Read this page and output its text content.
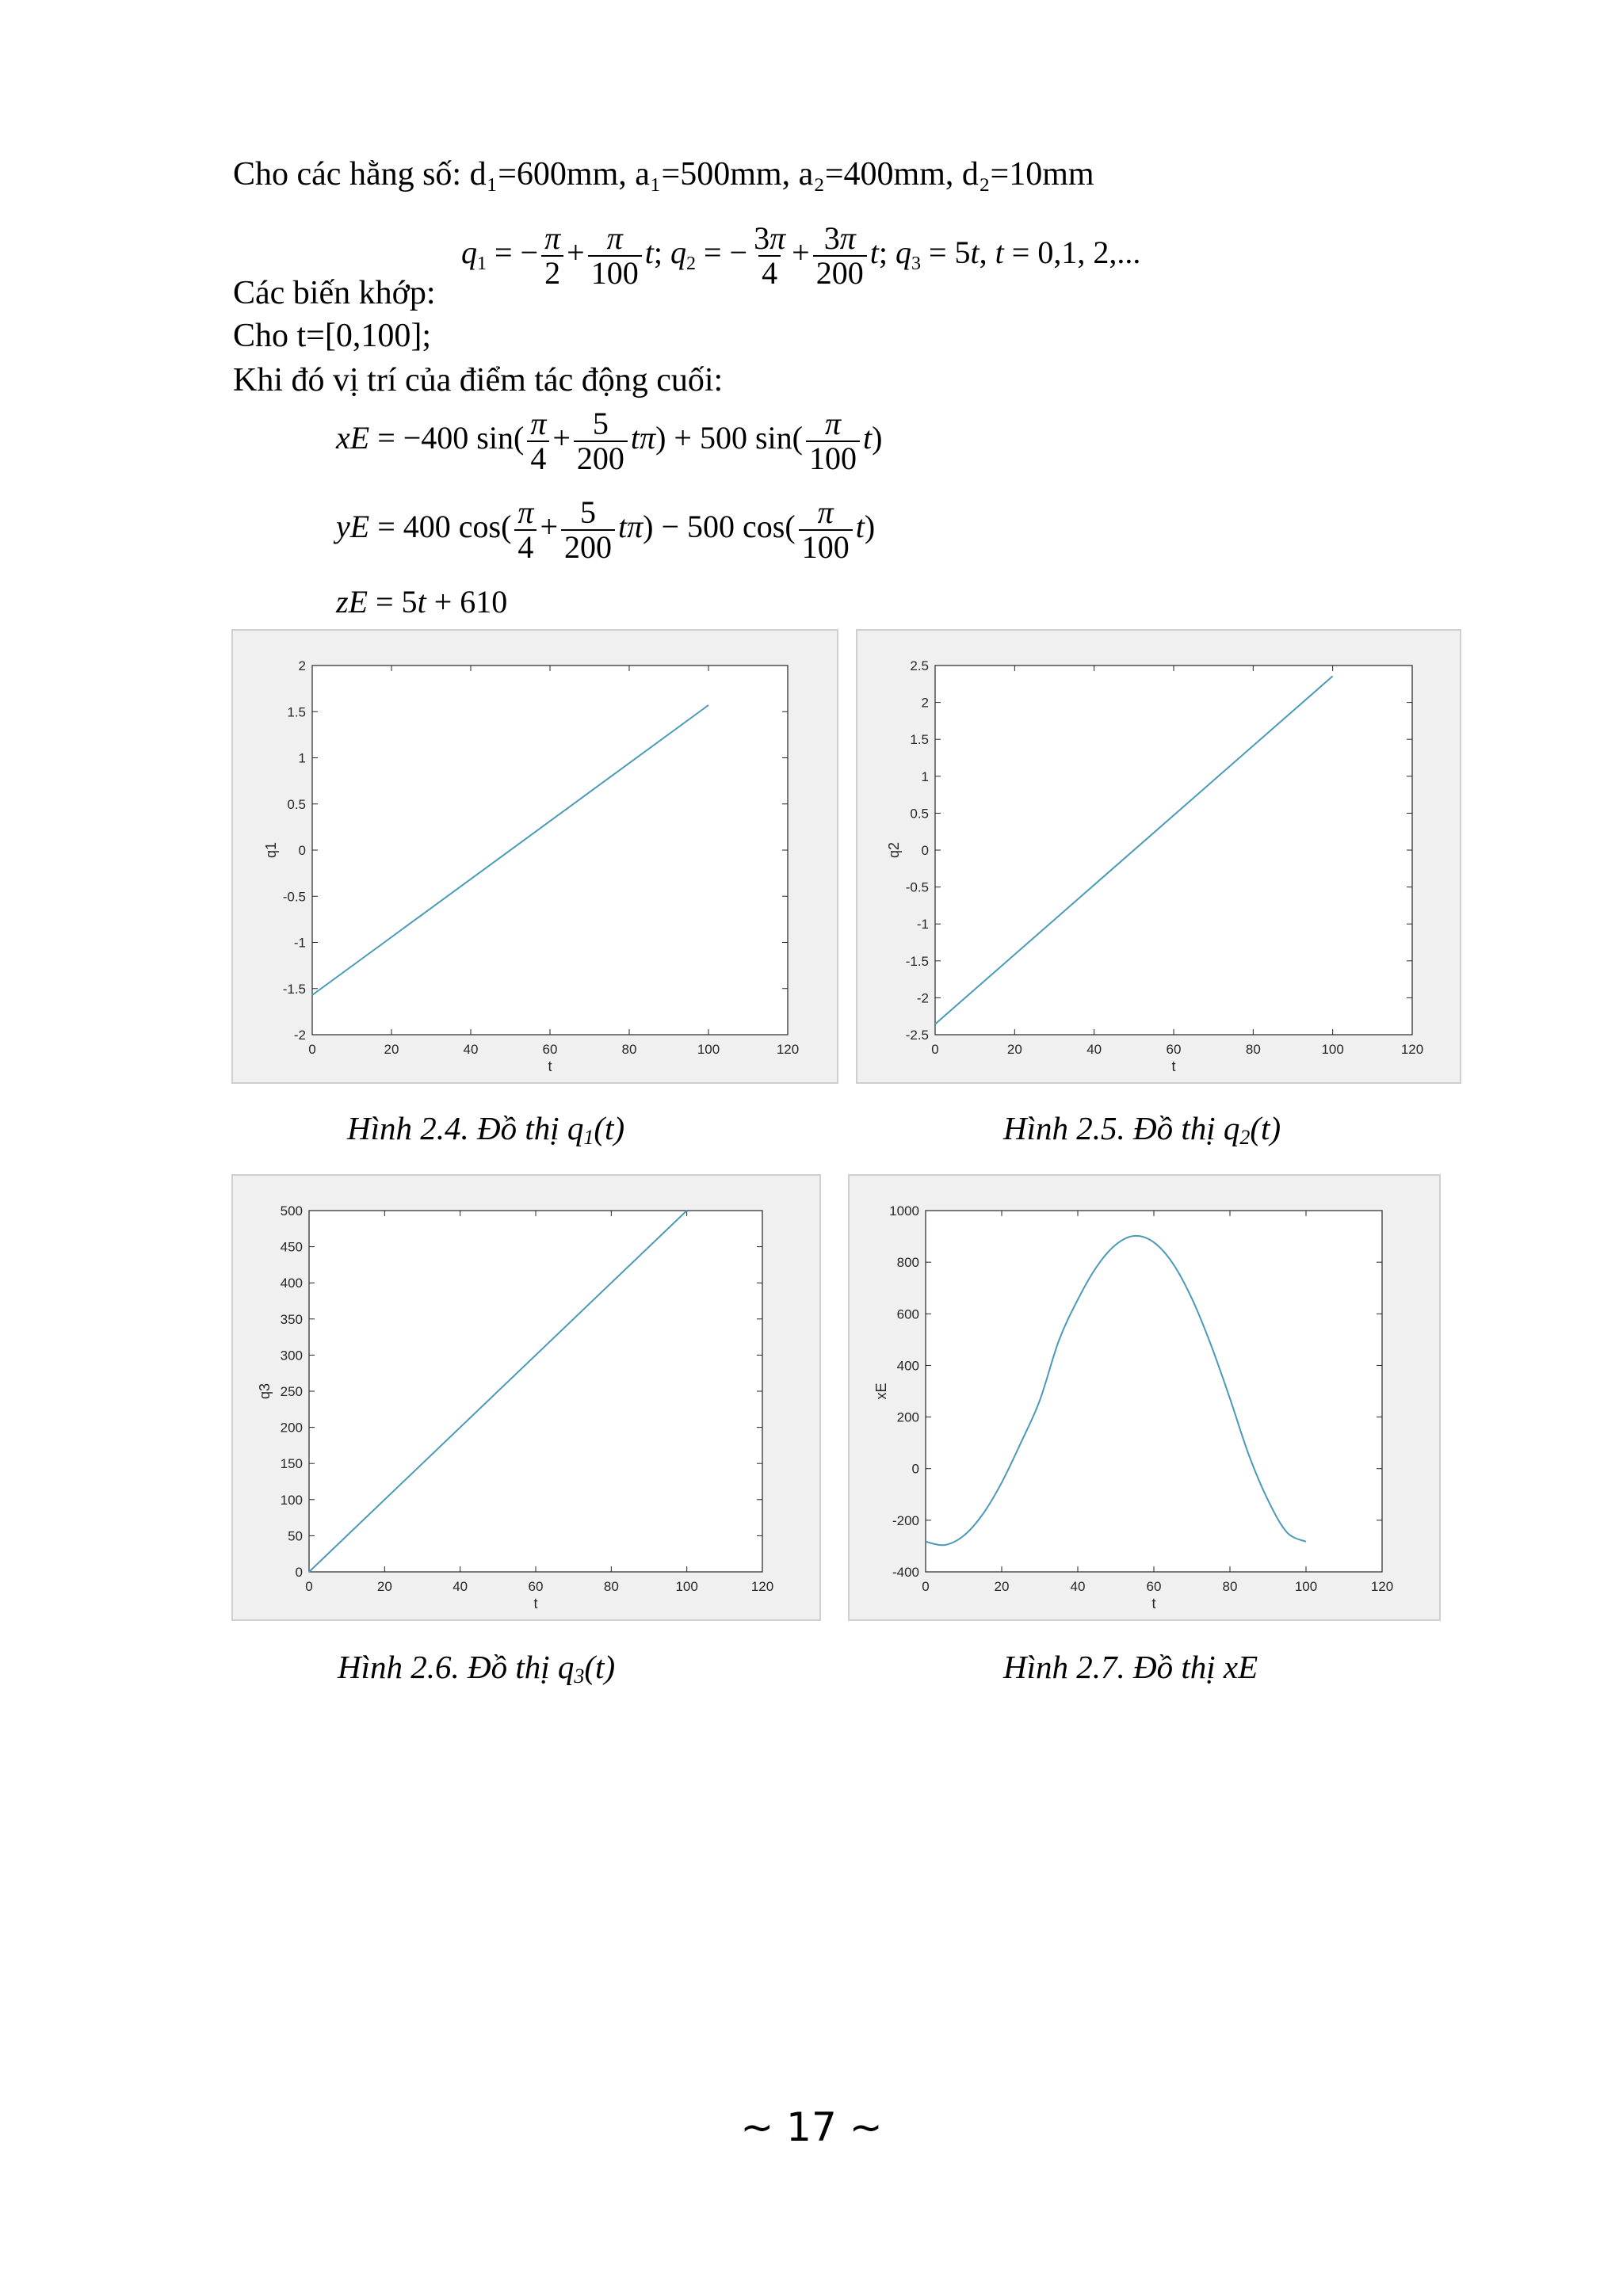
Cho các hằng số: d₁=600mm, a₁=500mm, a₂=400mm, d₂=10mm
$q_1$ = − $\frac{\pi}{2} + \frac{\pi}{100} t$; $q_2$ = − $\frac{3\pi}{4} + \frac{3\pi}{200} t$; $q_3 = 5t$, t = 0,1, 2,...
Các biến khớp:
Cho t=[0,100];
Khi đó vị trí của điểm tác động cuối:
xE = −400 $\sin( \frac{\pi}{4} + \frac{5}{200} t\pi) + 500$ $\sin( \frac{\pi}{100} t)$
yE = 400 $\cos( \frac{\pi}{4} + \frac{5}{200} t\pi) - 500$ $\cos( \frac{\pi}{100} t)$
zE = 5t + 610
0	20	40	60	80	100	120
-2
-1.5
-1
-0.5
0
0.5
1
1.5
2
t
q1
0	20	40	60	80	100	120
-2.5
-2
-1.5
-1
-0.5
0
0.5
1
1.5
2
2.5
t
q2
0	20	40	60	80	100	120
0
50
100
150
200
250
300
350
400
450
500
t
q3
0	20	40	60	80	100	120
-400
-200
0
200
400
600
800
1000
t
xE
Hình 2.4. Đồ thị q1(t)	Hình 2.5. Đồ thị q2(t)
Hình 2.6. Đồ thị q3(t)	Hình 2.7. Đồ thị xE
~ 17 ~
